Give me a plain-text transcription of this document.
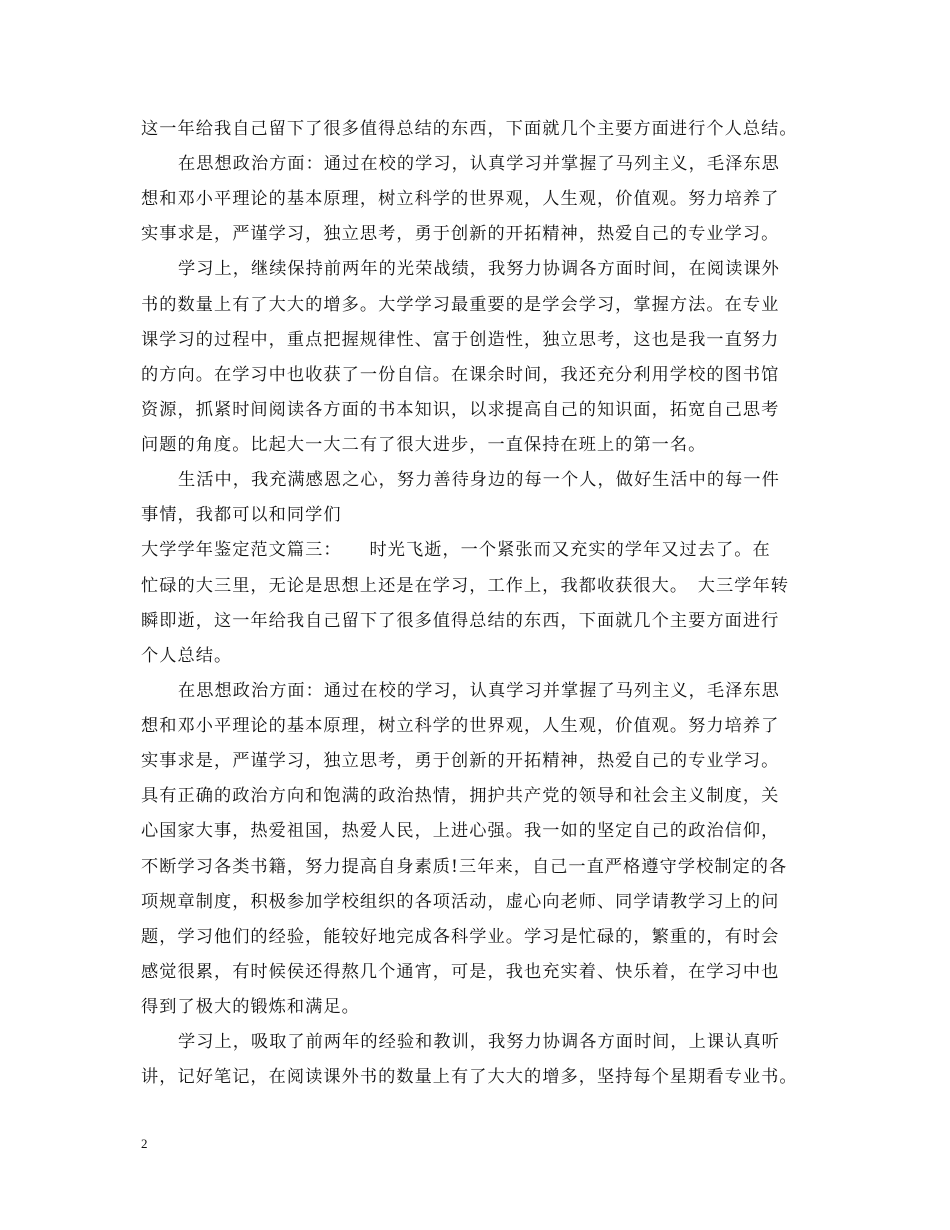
这一年给我自己留下了很多值得总结的东西，下面就几个主要方面进行个人总结。
在思想政治方面：通过在校的学习，认真学习并掌握了马列主义，毛泽东思
想和邓小平理论的基本原理，树立科学的世界观，人生观，价值观。努力培养了
实事求是，严谨学习，独立思考，勇于创新的开拓精神，热爱自己的专业学习。
学习上，继续保持前两年的光荣战绩，我努力协调各方面时间，在阅读课外
书的数量上有了大大的增多。大学学习最重要的是学会学习，掌握方法。在专业
课学习的过程中，重点把握规律性、富于创造性，独立思考，这也是我一直努力
的方向。在学习中也收获了一份自信。在课余时间，我还充分利用学校的图书馆
资源，抓紧时间阅读各方面的书本知识，以求提高自己的知识面，拓宽自己思考
问题的角度。比起大一大二有了很大进步，一直保持在班上的第一名。
生活中，我充满感恩之心，努力善待身边的每一个人，做好生活中的每一件
事情，我都可以和同学们
大学学年鉴定范文篇三：　　时光飞逝，一个紧张而又充实的学年又过去了。在
忙碌的大三里，无论是思想上还是在学习，工作上，我都收获很大。　大三学年转
瞬即逝，这一年给我自己留下了很多值得总结的东西，下面就几个主要方面进行
个人总结。
在思想政治方面：通过在校的学习，认真学习并掌握了马列主义，毛泽东思
想和邓小平理论的基本原理，树立科学的世界观，人生观，价值观。努力培养了
实事求是，严谨学习，独立思考，勇于创新的开拓精神，热爱自己的专业学习。
具有正确的政治方向和饱满的政治热情，拥护共产党的领导和社会主义制度，关
心国家大事，热爱祖国，热爱人民，上进心强。我一如的坚定自己的政治信仰，
不断学习各类书籍，努力提高自身素质!三年来，自己一直严格遵守学校制定的各
项规章制度，积极参加学校组织的各项活动，虚心向老师、同学请教学习上的问
题，学习他们的经验，能较好地完成各科学业。学习是忙碌的，繁重的，有时会
感觉很累，有时候侯还得熬几个通宵，可是，我也充实着、快乐着，在学习中也
得到了极大的锻炼和满足。
学习上，吸取了前两年的经验和教训，我努力协调各方面时间，上课认真听
讲，记好笔记，在阅读课外书的数量上有了大大的增多，坚持每个星期看专业书。
2
